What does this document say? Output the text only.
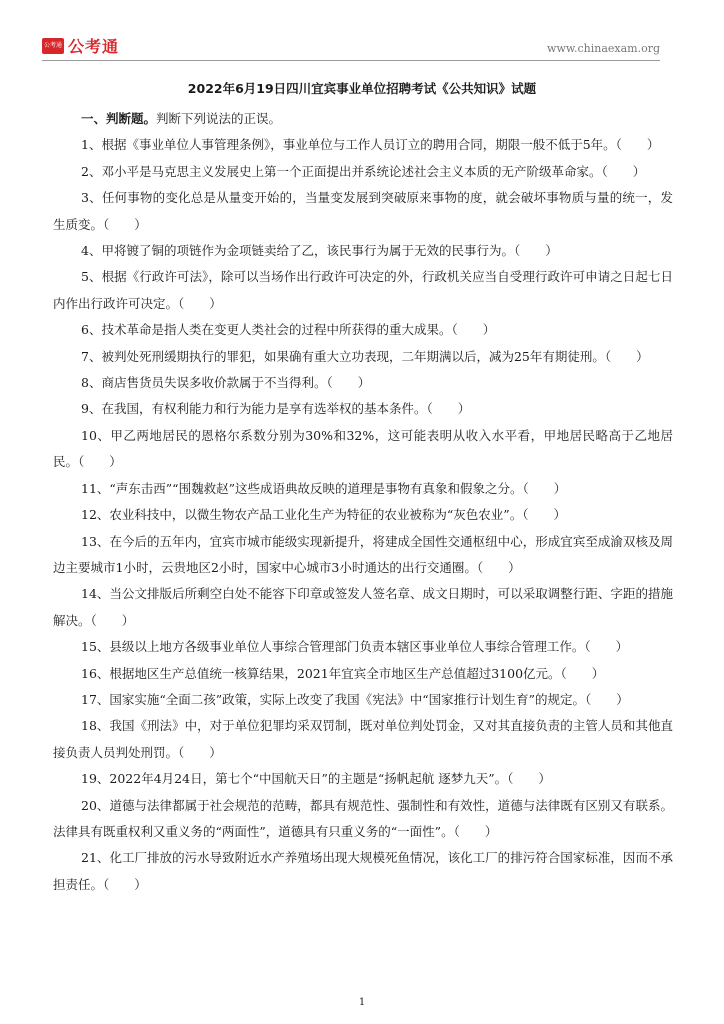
公考通 公考通	www.chinaexam.org
2022年6月19日四川宜宾事业单位招聘考试《公共知识》试题

一、判断题。判断下列说法的正误。

1、根据《事业单位人事管理条例》，事业单位与工作人员订立的聘用合同，期限一般不低于5年。（　　）

2、邓小平是马克思主义发展史上第一个正面提出并系统论述社会主义本质的无产阶级革命家。（　　）

3、任何事物的变化总是从量变开始的，当量变发展到突破原来事物的度，就会破坏事物质与量的统一，发生质变。（　　）

4、甲将镀了铜的项链作为金项链卖给了乙，该民事行为属于无效的民事行为。（　　）

5、根据《行政许可法》，除可以当场作出行政许可决定的外，行政机关应当自受理行政许可申请之日起七日内作出行政许可决定。（　　）

6、技术革命是指人类在变更人类社会的过程中所获得的重大成果。（　　）

7、被判处死刑缓期执行的罪犯，如果确有重大立功表现，二年期满以后，减为25年有期徒刑。（　　）

8、商店售货员失误多收价款属于不当得利。（　　）

9、在我国，有权利能力和行为能力是享有选举权的基本条件。（　　）

10、甲乙两地居民的恩格尔系数分别为30%和32%，这可能表明从收入水平看，甲地居民略高于乙地居民。（　　）

11、“声东击西”“围魏救赵”这些成语典故反映的道理是事物有真象和假象之分。（　　）

12、农业科技中，以微生物农产品工业化生产为特征的农业被称为“灰色农业”。（　　）

13、在今后的五年内，宜宾市城市能级实现新提升，将建成全国性交通枢纽中心，形成宜宾至成渝双核及周边主要城市1小时，云贵地区2小时，国家中心城市3小时通达的出行交通圈。（　　）

14、当公文排版后所剩空白处不能容下印章或签发人签名章、成文日期时，可以采取调整行距、字距的措施解决。（　　）

15、县级以上地方各级事业单位人事综合管理部门负责本辖区事业单位人事综合管理工作。（　　）

16、根据地区生产总值统一核算结果，2021年宜宾全市地区生产总值超过3100亿元。（　　）

17、国家实施“全面二孩”政策，实际上改变了我国《宪法》中“国家推行计划生育”的规定。（　　）

18、我国《刑法》中，对于单位犯罪均采双罚制，既对单位判处罚金，又对其直接负责的主管人员和其他直接负责人员判处刑罚。（　　）

19、2022年4月24日，第七个“中国航天日”的主题是“扬帆起航 逐梦九天”。（　　）

20、道德与法律都属于社会规范的范畴，都具有规范性、强制性和有效性，道德与法律既有区别又有联系。法律具有既重权利又重义务的“两面性”，道德具有只重义务的“一面性”。（　　）

21、化工厂排放的污水导致附近水产养殖场出现大规模死鱼情况，该化工厂的排污符合国家标准，因而不承担责任。（　　）

1
